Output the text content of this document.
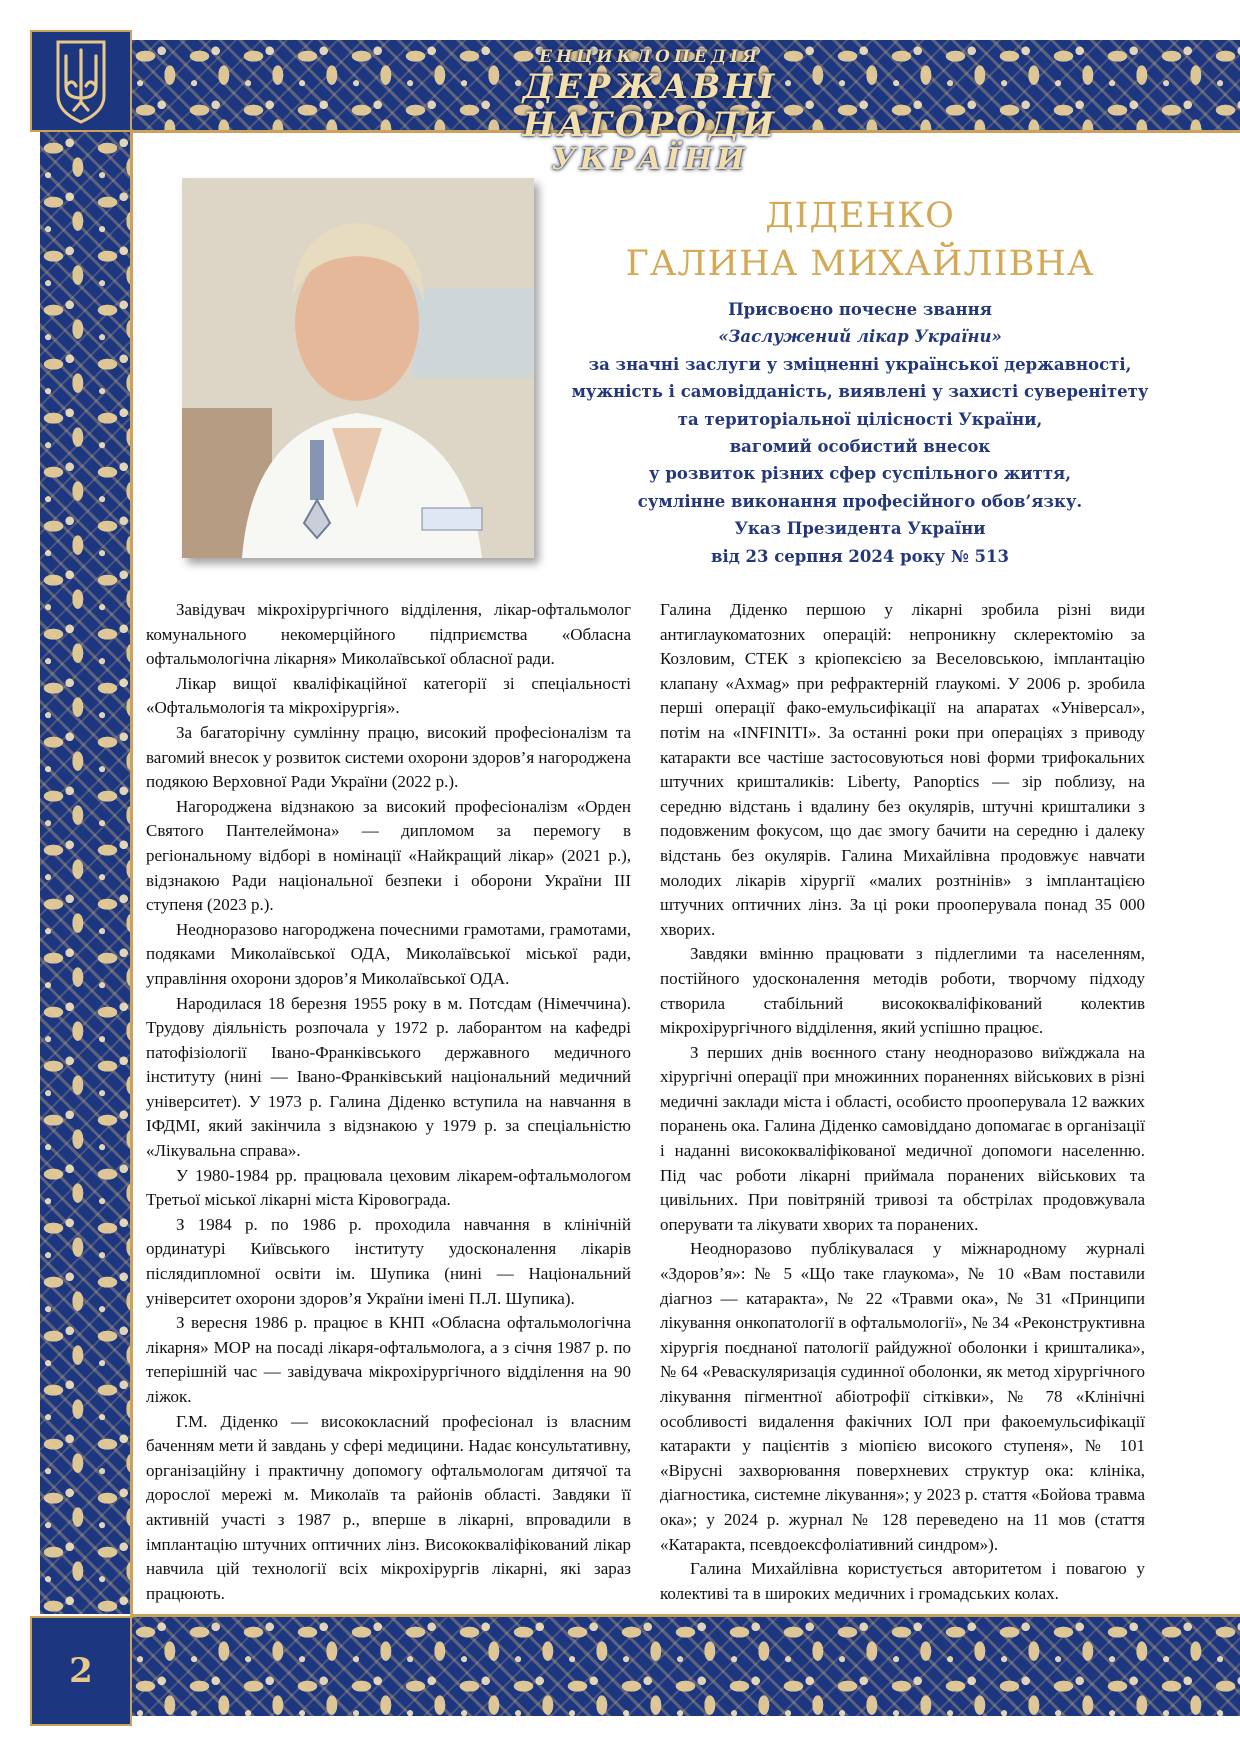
ЕНЦИКЛОПЕДІЯ
ДЕРЖАВНІ НАГОРОДИ
УКРАЇНИ
2
ДІДЕНКО
ГАЛИНА МИХАЙЛІВНА
Присвоєно почесне звання
«Заслужений лікар України»
за значні заслуги у зміцненні української державності,
мужність і самовідданість, виявлені у захисті суверенітету
та територіальної цілісності України,
вагомий особистий внесок
у розвиток різних сфер суспільного життя,
сумлінне виконання професійного обов’язку.
Указ Президента України
від 23 серпня 2024 року № 513

Завідувач мікрохірургічного відділення, лікар-офтальмолог комунального некомерційного підприємства «Обласна офтальмологічна лікарня» Миколаївської обласної ради.

Лікар вищої кваліфікаційної категорії зі спеціальності «Офтальмологія та мікрохірургія».

За багаторічну сумлінну працю, високий професіоналізм та вагомий внесок у розвиток системи охорони здоров’я нагороджена подякою Верховної Ради України (2022 р.).

Нагороджена відзнакою за високий професіоналізм «Орден Святого Пантелеймона» — дипломом за перемогу в регіональному відборі в номінації «Найкращий лікар» (2021 р.), відзнакою Ради національної безпеки і оборони України ІІІ ступеня (2023 р.).

Неодноразово нагороджена почесними грамотами, грамотами, подяками Миколаївської ОДА, Миколаївської міської ради, управління охорони здоров’я Миколаївської ОДА.

Народилася 18 березня 1955 року в м. Потсдам (Німеччина). Трудову діяльність розпочала у 1972 р. лаборантом на кафедрі патофізіології Івано-Франківського державного медичного інституту (нині — Івано-Франківський національний медичний університет). У 1973 р. Галина Діденко вступила на навчання в ІФДМІ, який закінчила з відзнакою у 1979 р. за спеціальністю «Лікувальна справа».

У 1980-1984 рр. працювала цеховим лікарем-офтальмологом Третьої міської лікарні міста Кіровограда.

З 1984 р. по 1986 р. проходила навчання в клінічній ординатурі Київського інституту удосконалення лікарів післядипломної освіти ім. Шупика (нині — Національний університет охорони здоров’я України імені П.Л. Шупика).

З вересня 1986 р. працює в КНП «Обласна офтальмологічна лікарня» МОР на посаді лікаря-офтальмолога, а з січня 1987 р. по теперішній час — завідувача мікрохірургічного відділення на 90 ліжок.

Г.М. Діденко — висококласний професіонал із власним баченням мети й завдань у сфері медицини. Надає консультативну, організаційну і практичну допомогу офтальмологам дитячої та дорослої мережі м. Миколаїв та районів області. Завдяки її активній участі з 1987 р., вперше в лікарні, впровадили в імплантацію штучних оптичних лінз. Висококваліфікований лікар навчила цій технології всіх мікрохірургів лікарні, які зараз працюють.

Галина Діденко першою у лікарні зробила різні види антиглаукоматозних операцій: непроникну склеректомію за Козловим, СТЕК з кріопексією за Веселовською, імплантацію клапану «Ахмаg» при рефрактерній глаукомі. У 2006 р. зробила перші операції фако-емульсифікації на апаратах «Універсал», потім на «INFINITI». За останні роки при операціях з приводу катаракти все частіше застосовуються нові форми трифокальних штучних кришталиків: Liberty, Panoptics — зір поблизу, на середню відстань і вдалину без окулярів, штучні кришталики з подовженим фокусом, що дає змогу бачити на середню і далеку відстань без окулярів. Галина Михайлівна продовжує навчати молодих лікарів хірургії «малих розтнінів» з імплантацією штучних оптичних лінз. За ці роки прооперувала понад 35 000 хворих.

Завдяки вмінню працювати з підлеглими та населенням, постійного удосконалення методів роботи, творчому підходу створила стабільний висококваліфікований колектив мікрохірургічного відділення, який успішно працює.

З перших днів воєнного стану неодноразово виїжджала на хірургічні операції при множинних пораненнях військових в різні медичні заклади міста і області, особисто прооперувала 12 важких поранень ока. Галина Діденко самовіддано допомагає в організації і наданні висококваліфікованої медичної допомоги населенню. Під час роботи лікарні приймала поранених військових та цивільних. При повітряній тривозі та обстрілах продовжувала оперувати та лікувати хворих та поранених.

Неодноразово публікувалася у міжнародному журналі «Здоров’я»: № 5 «Що таке глаукома», № 10 «Вам поставили діагноз — катаракта», № 22 «Травми ока», № 31 «Принципи лікування онкопатології в офтальмології», № 34 «Реконструктивна хірургія поєднаної патології райдужної оболонки і кришталика», № 64 «Реваскуляризація судинної оболонки, як метод хірургічного лікування пігментної абіотрофії сітківки», № 78 «Клінічні особливості видалення факічних ІОЛ при факоемульсифікації катаракти у пацієнтів з міопією високого ступеня», № 101 «Вірусні захворювання поверхневих структур ока: клініка, діагностика, системне лікування»; у 2023 р. стаття «Бойова травма ока»; у 2024 р. журнал № 128 переведено на 11 мов (стаття «Катаракта, псевдоексфоліативний синдром»).

Галина Михайлівна користується авторитетом і повагою у колективі та в широких медичних і громадських колах.
